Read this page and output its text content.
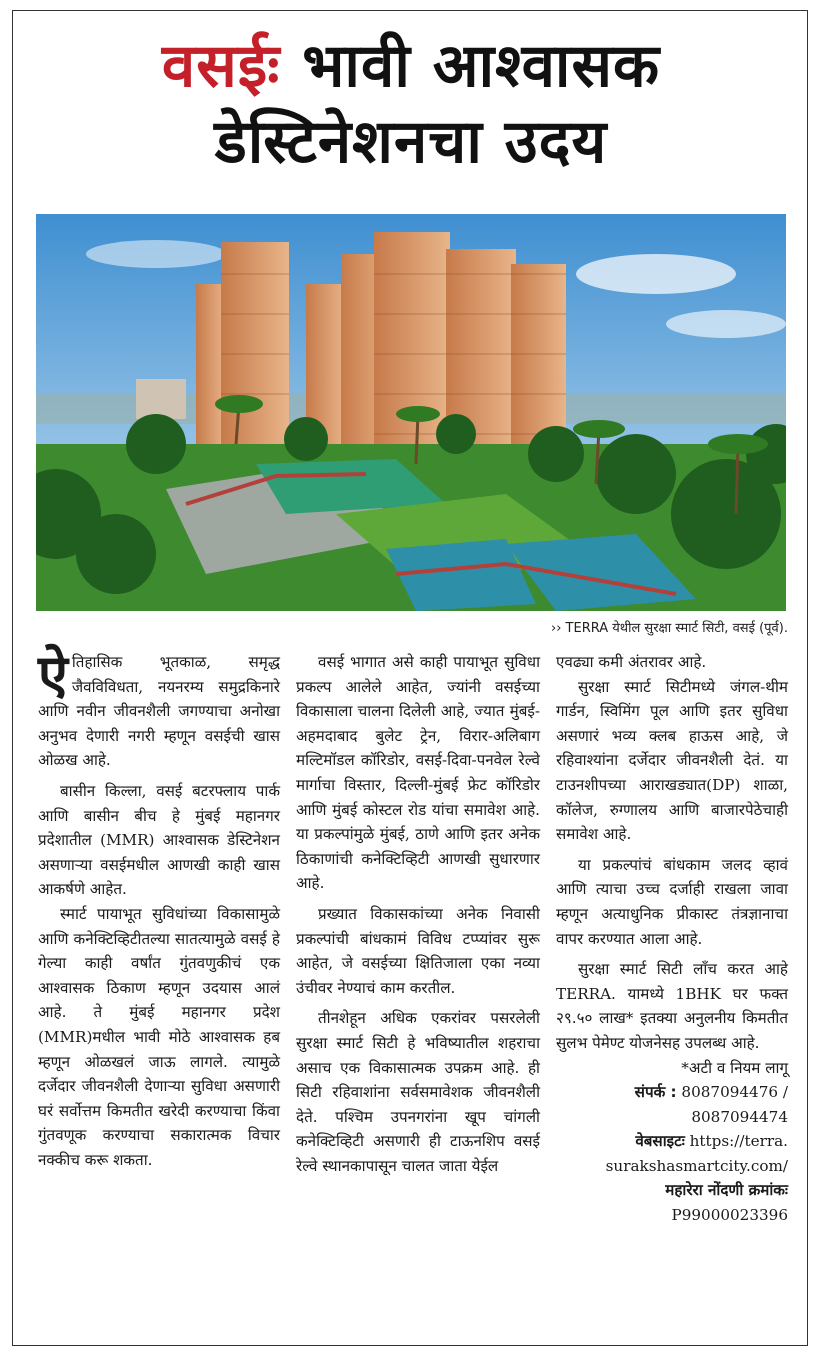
वसईः भावी आश्वासक
डेस्टिनेशनचा उदय
›› TERRA येथील सुरक्षा स्मार्ट सिटी, वसई (पूर्व).

ऐतिहासिक भूतकाळ, समृद्ध जैवविविधता, नयनरम्य समुद्रकिनारे आणि नवीन जीवनशैली जगण्याचा अनोखा अनुभव देणारी नगरी म्हणून वसईची खास ओळख आहे.

बासीन किल्ला, वसई बटरफ्लाय पार्क आणि बासीन बीच हे मुंबई महानगर प्रदेशातील (MMR) आश्वासक डेस्टिनेशन असणाऱ्या वसईमधील आणखी काही खास आकर्षणे आहेत.

स्मार्ट पायाभूत सुविधांच्या विकासामुळे आणि कनेक्टिव्हिटीतल्या सातत्यामुळे वसई हे गेल्या काही वर्षांत गुंतवणुकीचं एक आश्वासक ठिकाण म्हणून उदयास आलं आहे. ते मुंबई महानगर प्रदेश (MMR)मधील भावी मोठे आश्वासक हब म्हणून ओळखलं जाऊ लागले. त्यामुळे दर्जेदार जीवनशैली देणाऱ्या सुविधा असणारी घरं सर्वोत्तम किमतीत खरेदी करण्याचा किंवा गुंतवणूक करण्याचा सकारात्मक विचार नक्कीच करू शकता.

वसई भागात असे काही पायाभूत सुविधा प्रकल्प आलेले आहेत, ज्यांनी वसईच्या विकासाला चालना दिलेली आहे, ज्यात मुंबई-अहमदाबाद बुलेट ट्रेन, विरार-अलिबाग मल्टिमॉडल कॉरिडोर, वसई-दिवा-पनवेल रेल्वे मार्गाचा विस्तार, दिल्ली-मुंबई फ्रेट कॉरिडोर आणि मुंबई कोस्टल रोड यांचा समावेश आहे. या प्रकल्पांमुळे मुंबई, ठाणे आणि इतर अनेक ठिकाणांची कनेक्टिव्हिटी आणखी सुधारणार आहे.

प्रख्यात विकासकांच्या अनेक निवासी प्रकल्पांची बांधकामं विविध टप्प्यांवर सुरू आहेत, जे वसईच्या क्षितिजाला एका नव्या उंचीवर नेण्याचं काम करतील.

तीनशेहून अधिक एकरांवर पसरलेली सुरक्षा स्मार्ट सिटी हे भविष्यातील शहराचा असाच एक विकासात्मक उपक्रम आहे. ही सिटी रहिवाशांना सर्वसमावेशक जीवनशैली देते. पश्चिम उपनगरांना खूप चांगली कनेक्टिव्हिटी असणारी ही टाऊनशिप वसई रेल्वे स्थानकापासून चालत जाता येईल

एवढ्या कमी अंतरावर आहे.

सुरक्षा स्मार्ट सिटीमध्ये जंगल-थीम गार्डन, स्विमिंग पूल आणि इतर सुविधा असणारं भव्य क्लब हाऊस आहे, जे रहिवाश्यांना दर्जेदार जीवनशैली देतं. या टाउनशीपच्या आराखड्यात(DP) शाळा, कॉलेज, रुग्णालय आणि बाजारपेठेचाही समावेश आहे.

या प्रकल्पांचं बांधकाम जलद व्हावं आणि त्याचा उच्च दर्जाही राखला जावा म्हणून अत्याधुनिक प्रीकास्ट तंत्रज्ञानाचा वापर करण्यात आला आहे.

सुरक्षा स्मार्ट सिटी लाँच करत आहे TERRA. यामध्ये 1BHK घर फक्त २९.५० लाख* इतक्या अनुलनीय किमतीत सुलभ पेमेण्ट योजनेसह उपलब्ध आहे.

*अटी व नियम लागू
संपर्क : 8087094476 /
8087094474
वेबसाइटः https://terra.
surakshasmartcity.com/
महारेरा नोंदणी क्रमांकः
P99000023396
